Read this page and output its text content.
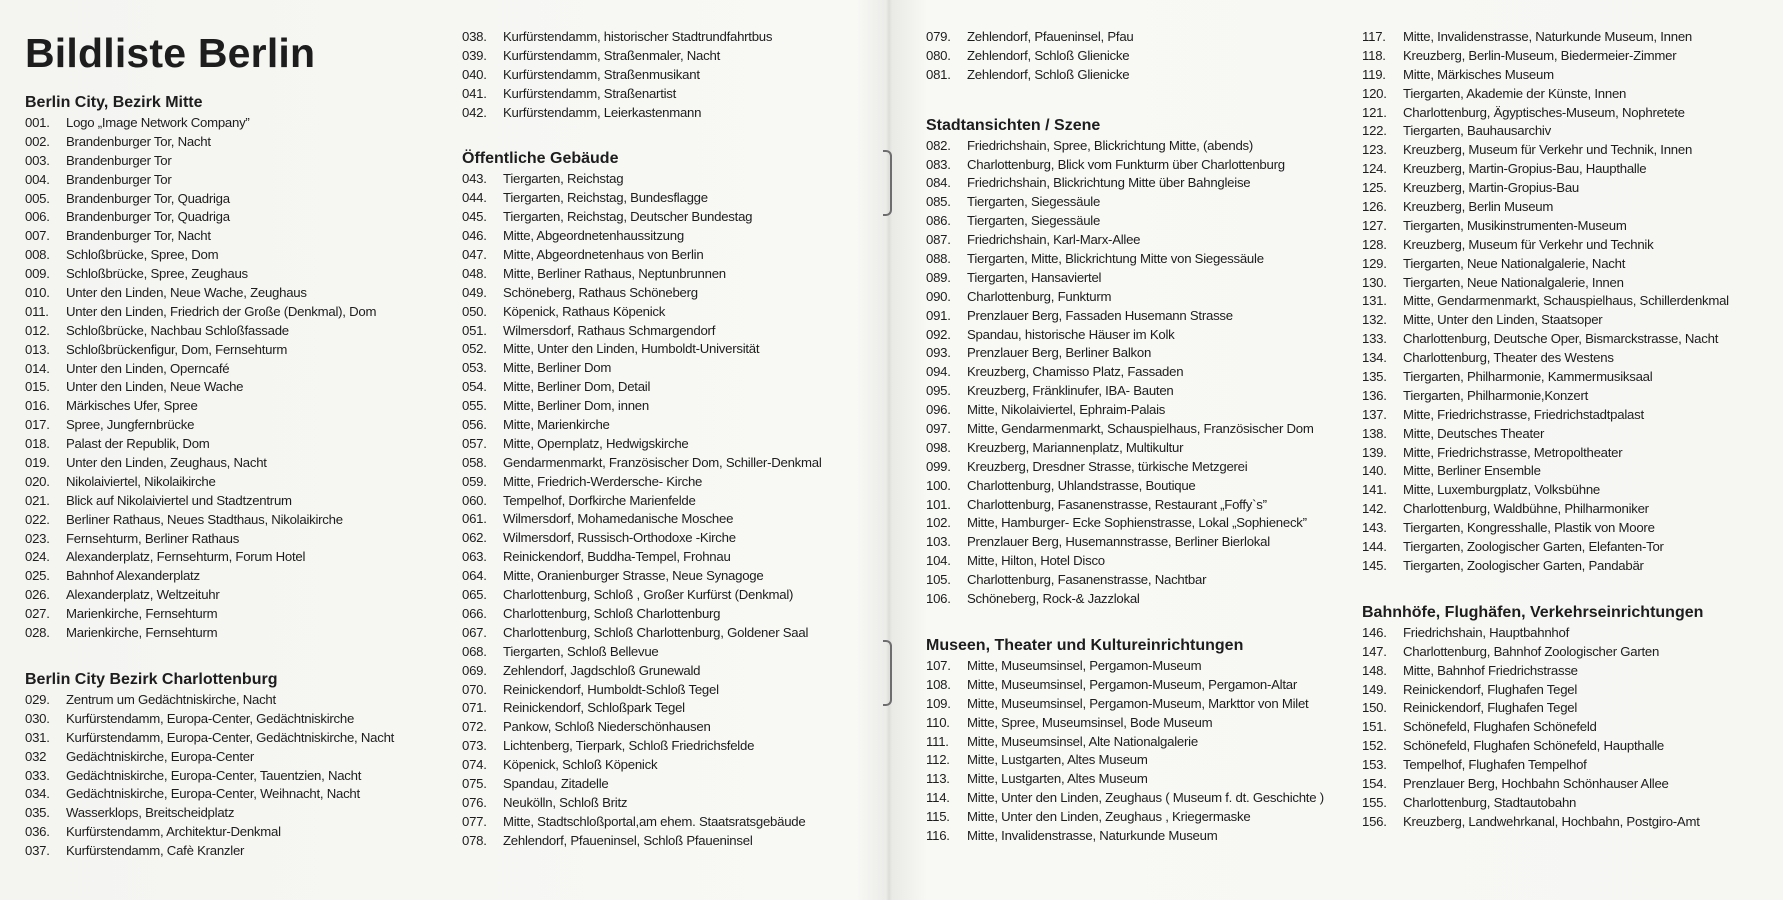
Bildliste Berlin
Berlin City, Bezirk Mitte
001. Logo „Image Network Company”
002. Brandenburger Tor, Nacht
003. Brandenburger Tor
004. Brandenburger Tor
005. Brandenburger Tor, Quadriga
006. Brandenburger Tor, Quadriga
007. Brandenburger Tor, Nacht
008. Schloßbrücke, Spree, Dom
009. Schloßbrücke, Spree, Zeughaus
010. Unter den Linden, Neue Wache, Zeughaus
011. Unter den Linden, Friedrich der Große (Denkmal), Dom
012. Schloßbrücke, Nachbau Schloßfassade
013. Schloßbrückenfigur, Dom, Fernsehturm
014. Unter den Linden, Operncafé
015. Unter den Linden, Neue Wache
016. Märkisches Ufer, Spree
017. Spree, Jungfernbrücke
018. Palast der Republik, Dom
019. Unter den Linden, Zeughaus, Nacht
020. Nikolaiviertel, Nikolaikirche
021. Blick auf Nikolaiviertel und Stadtzentrum
022. Berliner Rathaus, Neues Stadthaus, Nikolaikirche
023. Fernsehturm, Berliner Rathaus
024. Alexanderplatz, Fernsehturm, Forum Hotel
025. Bahnhof Alexanderplatz
026. Alexanderplatz, Weltzeituhr
027. Marienkirche, Fernsehturm
028. Marienkirche, Fernsehturm
Berlin City Bezirk Charlottenburg
029. Zentrum um Gedächtniskirche, Nacht
030. Kurfürstendamm, Europa-Center, Gedächtniskirche
031. Kurfürstendamm, Europa-Center, Gedächtniskirche, Nacht
032 Gedächtniskirche, Europa-Center
033. Gedächtniskirche, Europa-Center, Tauentzien, Nacht
034. Gedächtniskirche, Europa-Center, Weihnacht, Nacht
035. Wasserklops, Breitscheidplatz
036. Kurfürstendamm, Architektur-Denkmal
037. Kurfürstendamm, Cafè Kranzler
038. Kurfürstendamm, historischer Stadtrundfahrtbus
039. Kurfürstendamm, Straßenmaler, Nacht
040. Kurfürstendamm, Straßenmusikant
041. Kurfürstendamm, Straßenartist
042. Kurfürstendamm, Leierkastenmann
Öffentliche Gebäude
043. Tiergarten, Reichstag
044. Tiergarten, Reichstag, Bundesflagge
045. Tiergarten, Reichstag, Deutscher Bundestag
046. Mitte, Abgeordnetenhaussitzung
047. Mitte, Abgeordnetenhaus von Berlin
048. Mitte, Berliner Rathaus, Neptunbrunnen
049. Schöneberg, Rathaus Schöneberg
050. Köpenick, Rathaus Köpenick
051. Wilmersdorf, Rathaus Schmargendorf
052. Mitte, Unter den Linden, Humboldt-Universität
053. Mitte, Berliner Dom
054. Mitte, Berliner Dom, Detail
055. Mitte, Berliner Dom, innen
056. Mitte, Marienkirche
057. Mitte, Opernplatz, Hedwigskirche
058. Gendarmenmarkt, Französischer Dom, Schiller-Denkmal
059. Mitte, Friedrich-Werdersche- Kirche
060. Tempelhof, Dorfkirche Marienfelde
061. Wilmersdorf, Mohamedanische Moschee
062. Wilmersdorf, Russisch-Orthodoxe -Kirche
063. Reinickendorf, Buddha-Tempel, Frohnau
064. Mitte, Oranienburger Strasse, Neue Synagoge
065. Charlottenburg, Schloß , Großer Kurfürst (Denkmal)
066. Charlottenburg, Schloß Charlottenburg
067. Charlottenburg, Schloß Charlottenburg, Goldener Saal
068. Tiergarten, Schloß Bellevue
069. Zehlendorf, Jagdschloß Grunewald
070. Reinickendorf, Humboldt-Schloß Tegel
071. Reinickendorf, Schloßpark Tegel
072. Pankow, Schloß Niederschönhausen
073. Lichtenberg, Tierpark, Schloß Friedrichsfelde
074. Köpenick, Schloß Köpenick
075. Spandau, Zitadelle
076. Neukölln, Schloß Britz
077. Mitte, Stadtschloßportal,am ehem. Staatsratsgebäude
078. Zehlendorf, Pfaueninsel, Schloß Pfaueninsel
079. Zehlendorf, Pfaueninsel, Pfau
080. Zehlendorf, Schloß Glienicke
081. Zehlendorf, Schloß Glienicke
Stadtansichten / Szene
082. Friedrichshain, Spree, Blickrichtung Mitte, (abends)
083. Charlottenburg, Blick vom Funkturm über Charlottenburg
084. Friedrichshain, Blickrichtung Mitte über Bahngleise
085. Tiergarten, Siegessäule
086. Tiergarten, Siegessäule
087. Friedrichshain, Karl-Marx-Allee
088. Tiergarten, Mitte, Blickrichtung Mitte von Siegessäule
089. Tiergarten, Hansaviertel
090. Charlottenburg, Funkturm
091. Prenzlauer Berg, Fassaden Husemann Strasse
092. Spandau, historische Häuser im Kolk
093. Prenzlauer Berg, Berliner Balkon
094. Kreuzberg, Chamisso Platz, Fassaden
095. Kreuzberg, Fränklinufer, IBA- Bauten
096. Mitte, Nikolaiviertel, Ephraim-Palais
097. Mitte, Gendarmenmarkt, Schauspielhaus, Französischer Dom
098. Kreuzberg, Mariannenplatz, Multikultur
099. Kreuzberg, Dresdner Strasse, türkische Metzgerei
100. Charlottenburg, Uhlandstrasse, Boutique
101. Charlottenburg, Fasanenstrasse, Restaurant „Foffy`s”
102. Mitte, Hamburger- Ecke Sophienstrasse, Lokal „Sophieneck”
103. Prenzlauer Berg, Husemannstrasse, Berliner Bierlokal
104. Mitte, Hilton, Hotel Disco
105. Charlottenburg, Fasanenstrasse, Nachtbar
106. Schöneberg, Rock-& Jazzlokal
Museen, Theater und Kultureinrichtungen
107. Mitte, Museumsinsel, Pergamon-Museum
108. Mitte, Museumsinsel, Pergamon-Museum, Pergamon-Altar
109. Mitte, Museumsinsel, Pergamon-Museum, Markttor von Milet
110. Mitte, Spree, Museumsinsel, Bode Museum
111. Mitte, Museumsinsel, Alte Nationalgalerie
112. Mitte, Lustgarten, Altes Museum
113. Mitte, Lustgarten, Altes Museum
114. Mitte, Unter den Linden, Zeughaus ( Museum f. dt. Geschichte )
115. Mitte, Unter den Linden, Zeughaus , Kriegermaske
116. Mitte, Invalidenstrasse, Naturkunde Museum
117. Mitte, Invalidenstrasse, Naturkunde Museum, Innen
118. Kreuzberg, Berlin-Museum, Biedermeier-Zimmer
119. Mitte, Märkisches Museum
120. Tiergarten, Akademie der Künste, Innen
121. Charlottenburg, Ägyptisches-Museum, Nophretete
122. Tiergarten, Bauhausarchiv
123. Kreuzberg, Museum für Verkehr und Technik, Innen
124. Kreuzberg, Martin-Gropius-Bau, Haupthalle
125. Kreuzberg, Martin-Gropius-Bau
126. Kreuzberg, Berlin Museum
127. Tiergarten, Musikinstrumenten-Museum
128. Kreuzberg, Museum für Verkehr und Technik
129. Tiergarten, Neue Nationalgalerie, Nacht
130. Tiergarten, Neue Nationalgalerie, Innen
131. Mitte, Gendarmenmarkt, Schauspielhaus, Schillerdenkmal
132. Mitte, Unter den Linden, Staatsoper
133. Charlottenburg, Deutsche Oper, Bismarckstrasse, Nacht
134. Charlottenburg, Theater des Westens
135. Tiergarten, Philharmonie, Kammermusiksaal
136. Tiergarten, Philharmonie,Konzert
137. Mitte, Friedrichstrasse, Friedrichstadtpalast
138. Mitte, Deutsches Theater
139. Mitte, Friedrichstrasse, Metropoltheater
140. Mitte, Berliner Ensemble
141. Mitte, Luxemburgplatz, Volksbühne
142. Charlottenburg, Waldbühne, Philharmoniker
143. Tiergarten, Kongresshalle, Plastik von Moore
144. Tiergarten, Zoologischer Garten, Elefanten-Tor
145. Tiergarten, Zoologischer Garten, Pandabär
Bahnhöfe, Flughäfen, Verkehrseinrichtungen
146. Friedrichshain, Hauptbahnhof
147. Charlottenburg, Bahnhof Zoologischer Garten
148. Mitte, Bahnhof Friedrichstrasse
149. Reinickendorf, Flughafen Tegel
150. Reinickendorf, Flughafen Tegel
151. Schönefeld, Flughafen Schönefeld
152. Schönefeld, Flughafen Schönefeld, Haupthalle
153. Tempelhof, Flughafen Tempelhof
154. Prenzlauer Berg, Hochbahn Schönhauser Allee
155. Charlottenburg, Stadtautobahn
156. Kreuzberg, Landwehrkanal, Hochbahn, Postgiro-Amt
